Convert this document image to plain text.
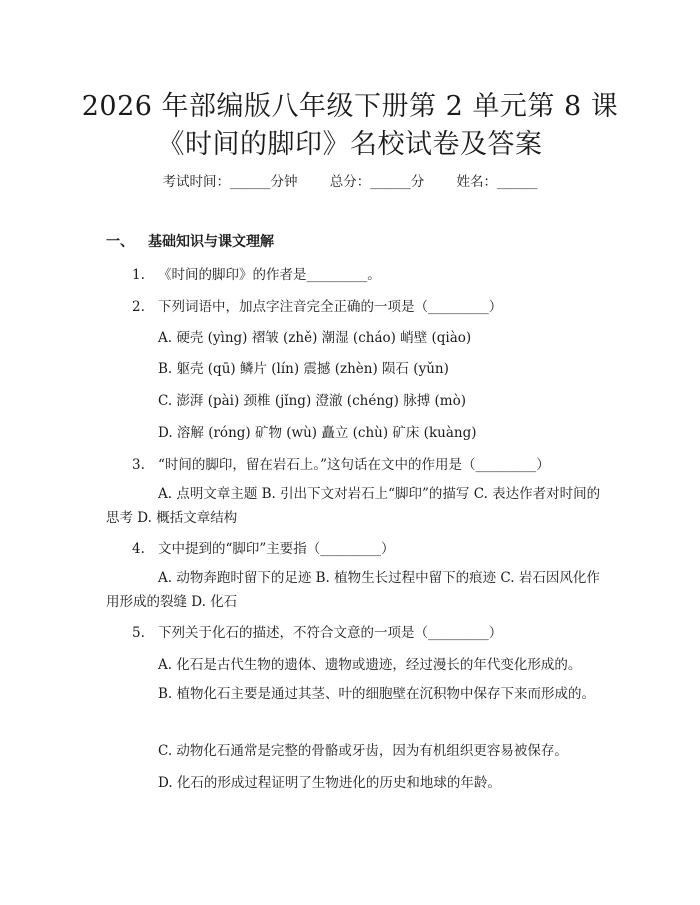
2026 年部编版八年级下册第 2 单元第 8 课
《时间的脚印》名校试卷及答案
考试时间：______分钟 总分：______分 姓名：______
一、 基础知识与课文理解
1. 《时间的脚印》的作者是_________。
2. 下列词语中，加点字注音完全正确的一项是（_________）
A. 硬壳 (yìng) 褶皱 (zhě) 潮湿 (cháo) 峭壁 (qiào)
B. 躯壳 (qū) 鳞片 (lín) 震撼 (zhèn) 陨石 (yǔn)
C. 澎湃 (pài) 颈椎 (jǐng) 澄澈 (chéng) 脉搏 (mò)
D. 溶解 (róng) 矿物 (wù) 矗立 (chù) 矿床 (kuàng)
3. “时间的脚印，留在岩石上。”这句话在文中的作用是（_________）
A. 点明文章主题 B. 引出下文对岩石上“脚印”的描写 C. 表达作者对时间的思考 D. 概括文章结构
4. 文中提到的“脚印”主要指（_________）
A. 动物奔跑时留下的足迹 B. 植物生长过程中留下的痕迹 C. 岩石因风化作用形成的裂缝 D. 化石
5. 下列关于化石的描述，不符合文意的一项是（_________）
A. 化石是古代生物的遗体、遗物或遗迹，经过漫长的年代变化形成的。
B. 植物化石主要是通过其茎、叶的细胞壁在沉积物中保存下来而形成的。
C. 动物化石通常是完整的骨骼或牙齿，因为有机组织更容易被保存。
D. 化石的形成过程证明了生物进化的历史和地球的年龄。
